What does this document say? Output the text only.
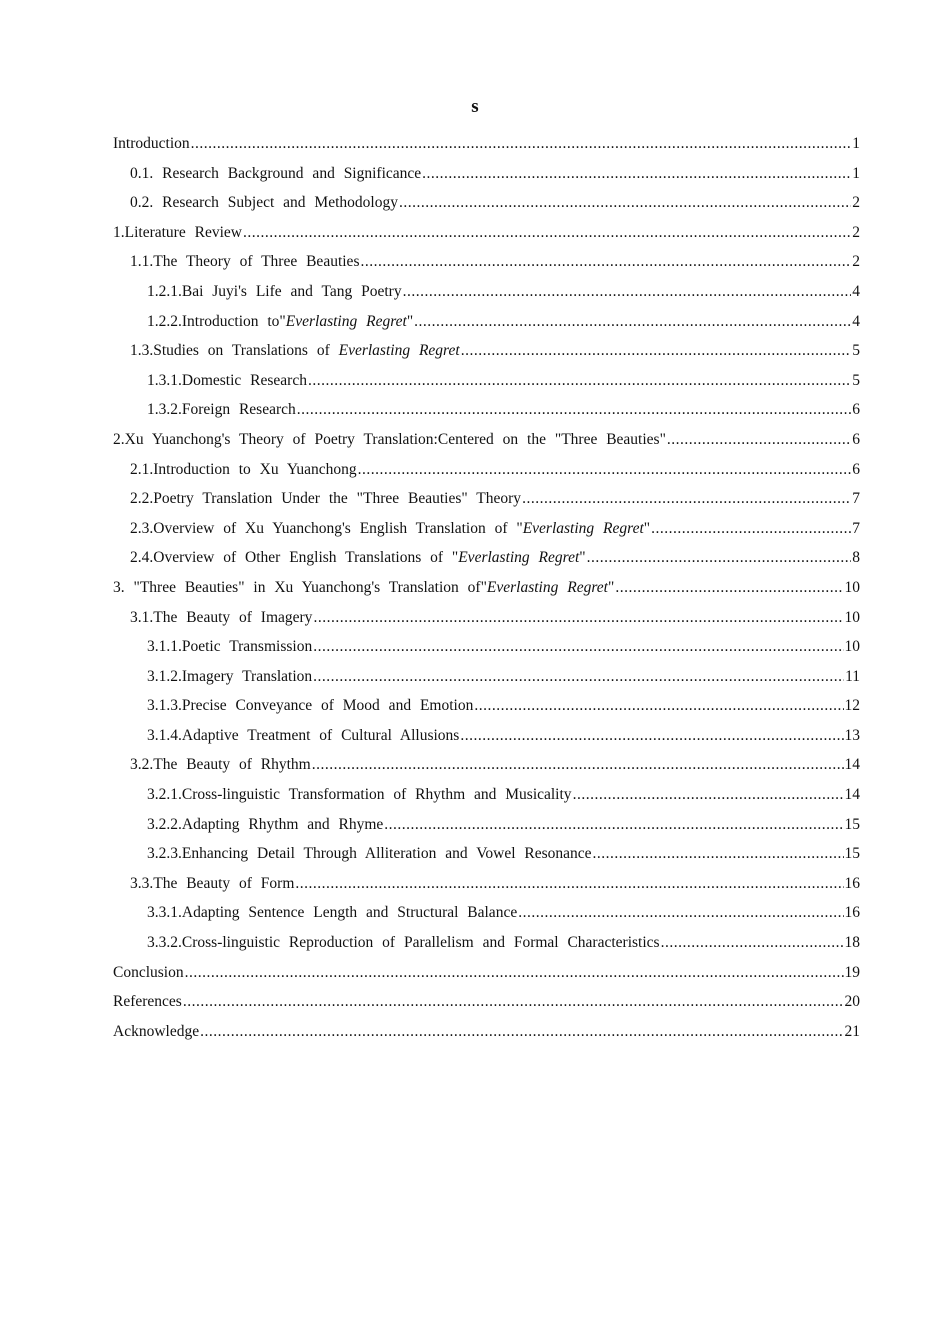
s
Introduction .....	1
0.1. Research Background and Significance .....	1
0.2. Research Subject and Methodology .....	2
1.Literature Review .....	2
1.1.The Theory of Three Beauties .....	2
1.2.1.Bai Juyi's Life and Tang Poetry .....	4
1.2.2.Introduction to"Everlasting Regret" .....	4
1.3.Studies on Translations of Everlasting Regret .....	5
1.3.1.Domestic Research .....	5
1.3.2.Foreign Research .....	6
2.Xu Yuanchong's Theory of Poetry Translation:Centered on the "Three Beauties" .....	6
2.1.Introduction to Xu Yuanchong .....	6
2.2.Poetry Translation Under the "Three Beauties" Theory .....	7
2.3.Overview of Xu Yuanchong's English Translation of "Everlasting Regret" .....	7
2.4.Overview of Other English Translations of "Everlasting Regret" .....	8
3. "Three Beauties" in Xu Yuanchong's Translation of"Everlasting Regret" .....	10
3.1.The Beauty of Imagery .....	10
3.1.1.Poetic Transmission .....	10
3.1.2.Imagery Translation .....	11
3.1.3.Precise Conveyance of Mood and Emotion .....	12
3.1.4.Adaptive Treatment of Cultural Allusions .....	13
3.2.The Beauty of Rhythm .....	14
3.2.1.Cross-linguistic Transformation of Rhythm and Musicality .....	14
3.2.2.Adapting Rhythm and Rhyme .....	15
3.2.3.Enhancing Detail Through Alliteration and Vowel Resonance .....	15
3.3.The Beauty of Form .....	16
3.3.1.Adapting Sentence Length and Structural Balance .....	16
3.3.2.Cross-linguistic Reproduction of Parallelism and Formal Characteristics .....	18
Conclusion .....	19
References .....	20
Acknowledge .....	21
